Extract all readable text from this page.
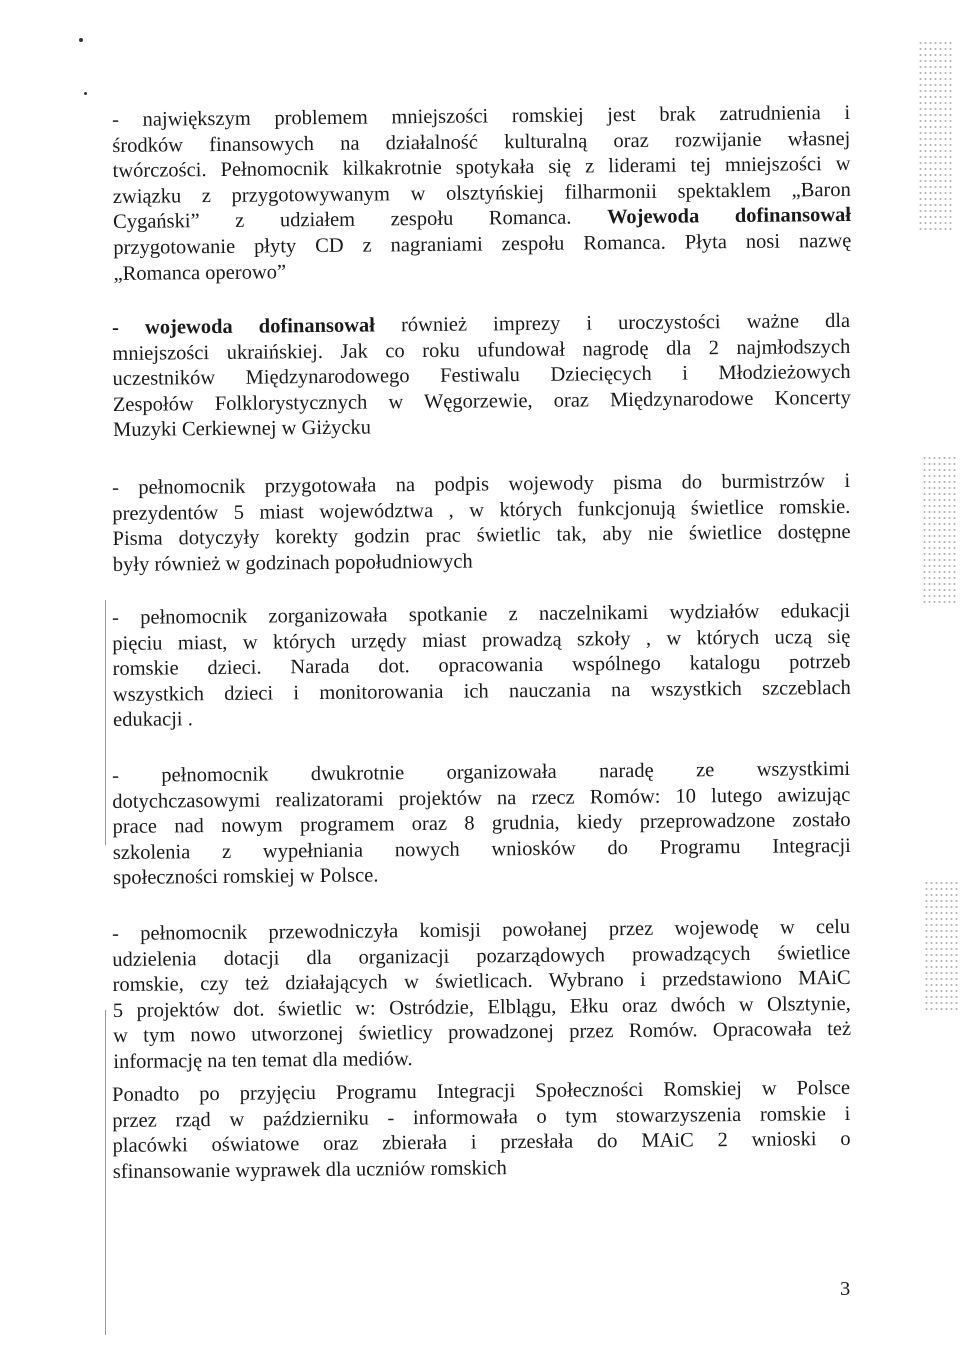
- największym problemem mniejszości romskiej jest brak zatrudnienia i
środków finansowych na działalność kulturalną oraz rozwijanie własnej
twórczości. Pełnomocnik kilkakrotnie spotykała się z liderami tej mniejszości w
związku z przygotowywanym w olsztyńskiej filharmonii spektaklem „Baron
Cygański” z udziałem zespołu Romanca. Wojewoda dofinansował
przygotowanie płyty CD z nagraniami zespołu Romanca. Płyta nosi nazwę
„Romanca operowo”
- wojewoda dofinansował również imprezy i uroczystości ważne dla
mniejszości ukraińskiej. Jak co roku ufundował nagrodę dla 2 najmłodszych
uczestników Międzynarodowego Festiwalu Dziecięcych i Młodzieżowych
Zespołów Folklorystycznych w Węgorzewie, oraz Międzynarodowe Koncerty
Muzyki Cerkiewnej w Giżycku
- pełnomocnik przygotowała na podpis wojewody pisma do burmistrzów i
prezydentów 5 miast województwa , w których funkcjonują świetlice romskie.
Pisma dotyczyły korekty godzin prac świetlic tak, aby nie świetlice dostępne
były również w godzinach popołudniowych
- pełnomocnik zorganizowała spotkanie z naczelnikami wydziałów edukacji
pięciu miast, w których urzędy miast prowadzą szkoły , w których uczą się
romskie dzieci. Narada dot. opracowania wspólnego katalogu potrzeb
wszystkich dzieci i monitorowania ich nauczania na wszystkich szczeblach
edukacji .
- pełnomocnik dwukrotnie organizowała naradę ze wszystkimi
dotychczasowymi realizatorami projektów na rzecz Romów: 10 lutego awizując
prace nad nowym programem oraz 8 grudnia, kiedy przeprowadzone zostało
szkolenia z wypełniania nowych wniosków do Programu Integracji
społeczności romskiej w Polsce.
- pełnomocnik przewodniczyła komisji powołanej przez wojewodę w celu
udzielenia dotacji dla organizacji pozarządowych prowadzących świetlice
romskie, czy też działających w świetlicach. Wybrano i przedstawiono MAiC
5 projektów dot. świetlic w: Ostródzie, Elblągu, Ełku oraz dwóch w Olsztynie,
w tym nowo utworzonej świetlicy prowadzonej przez Romów. Opracowała też
informację na ten temat dla mediów.
Ponadto po przyjęciu Programu Integracji Społeczności Romskiej w Polsce
przez rząd w październiku - informowała o tym stowarzyszenia romskie i
placówki oświatowe oraz zbierała i przesłała do MAiC 2 wnioski o
sfinansowanie wyprawek dla uczniów romskich
3
